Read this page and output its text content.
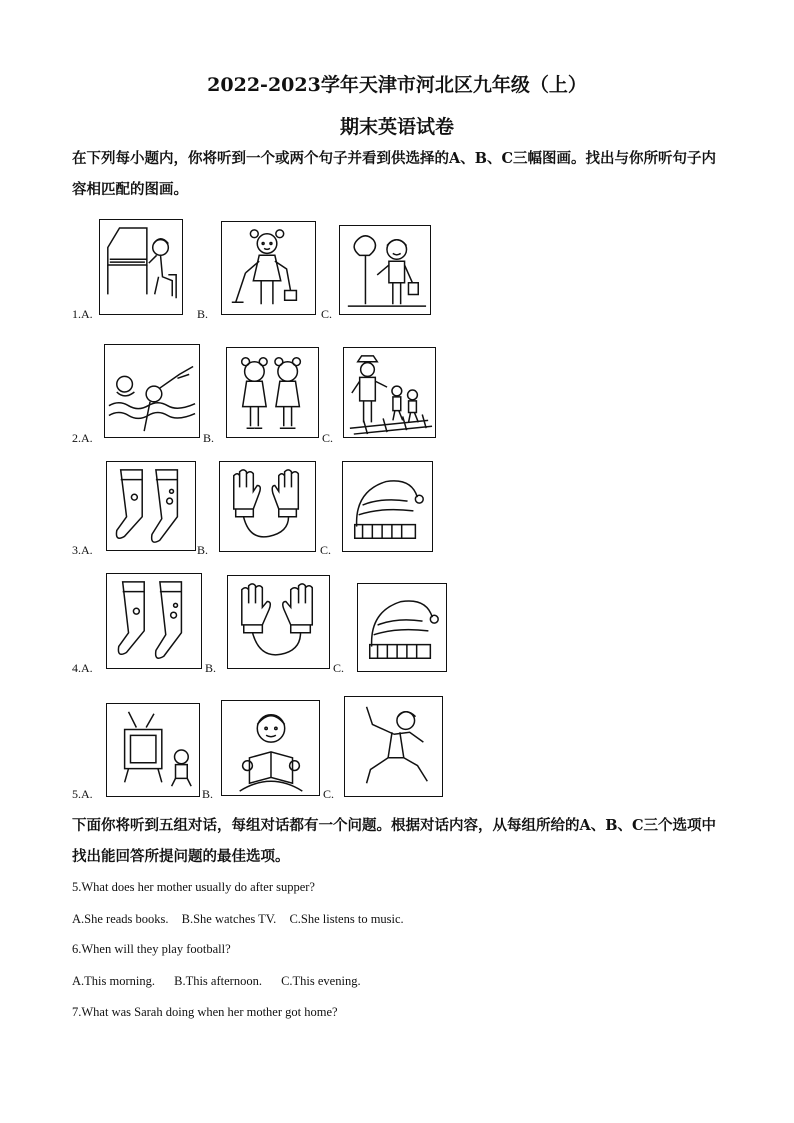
2022-2023学年天津市河北区九年级（上）
期末英语试卷
在下列每小题内，你将听到一个或两个句子并看到供选择的A、B、C三幅图画。找出与你所听句子内 容相匹配的图画。
1.A.	B.	C.
2.A.	B.	C.
3.A.	B.	C.
4.A.	B.	C.
5.A.	B.	C.
下面你将听到五组对话，每组对话都有一个问题。根据对话内容，从每组所给的A、B、C三个选项中找出能回答所提问题的最佳选项。
5.What does her mother usually do after supper?
A.She reads books. B.She watches TV. C.She listens to music.
6.When will they play football?
A.This morning. B.This afternoon. C.This evening.
7.What was Sarah doing when her mother got home?
